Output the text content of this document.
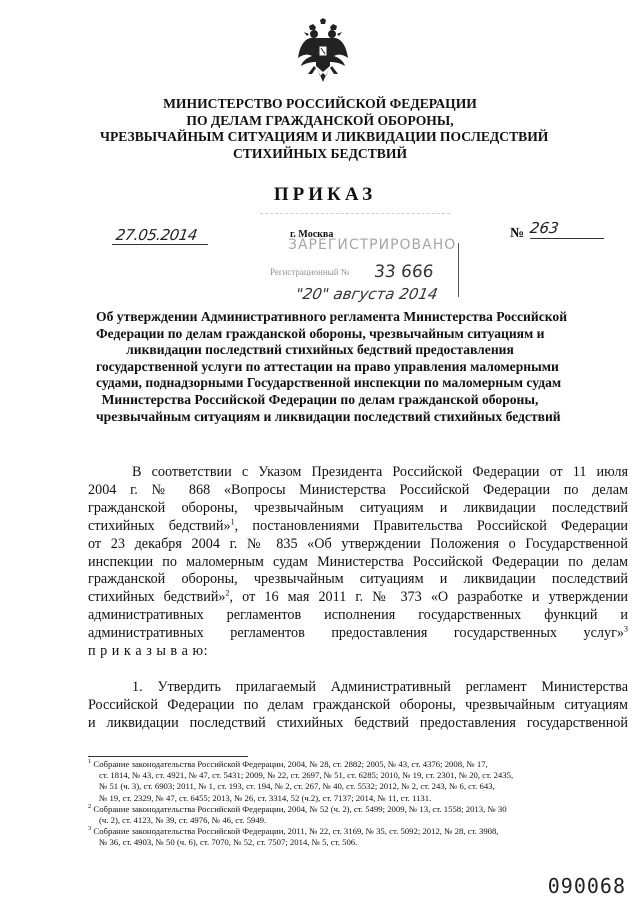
МИНИСТЕРСТВО РОССИЙСКОЙ ФЕДЕРАЦИИ
ПО ДЕЛАМ ГРАЖДАНСКОЙ ОБОРОНЫ,
ЧРЕЗВЫЧАЙНЫМ СИТУАЦИЯМ И ЛИКВИДАЦИИ ПОСЛЕДСТВИЙ
СТИХИЙНЫХ БЕДСТВИЙ
ПРИКАЗ
г. Москва
27.05.2014	№ 263
ЗАРЕГИСТРИРОВАНО
Регистрационный № 33 666
"20" августа 2014
Об утверждении Административного регламента Министерства Российской
Федерации по делам гражданской обороны, чрезвычайным ситуациям и
ликвидации последствий стихийных бедствий предоставления
государственной услуги по аттестации на право управления маломерными
судами, поднадзорными Государственной инспекции по маломерным судам
Министерства Российской Федерации по делам гражданской обороны,
чрезвычайным ситуациям и ликвидации последствий стихийных бедствий
В соответствии с Указом Президента Российской Федерации от 11 июля
2004 г. № 868 «Вопросы Министерства Российской Федерации по делам
гражданской обороны, чрезвычайным ситуациям и ликвидации последствий
стихийных бедствий»$^1$, постановлениями Правительства Российской Федерации
от 23 декабря 2004 г. № 835 «Об утверждении Положения о Государственной
инспекции по маломерным судам Министерства Российской Федерации по делам
гражданской обороны, чрезвычайным ситуациям и ликвидации последствий
стихийных бедствий»$^2$, от 16 мая 2011 г. № 373 «О разработке и утверждении
административных регламентов исполнения государственных функций и
административных регламентов предоставления государственных услуг»$^3$
п р и к а з ы в а ю:
1. Утвердить прилагаемый Административный регламент Министерства
Российской Федерации по делам гражданской обороны, чрезвычайным ситуациям
и ликвидации последствий стихийных бедствий предоставления государственной
$^1$ Собрание законодательства Российской Федерации, 2004, № 28, ст. 2882; 2005, № 43, ст. 4376; 2008, № 17,
ст. 1814, № 43, ст. 4921, № 47, ст. 5431; 2009, № 22, ст. 2697, № 51, ст. 6285; 2010, № 19, ст. 2301, № 20, ст. 2435,
№ 51 (ч. 3), ст. 6903; 2011, № 1, ст. 193, ст. 194, № 2, ст. 267, № 40, ст. 5532; 2012, № 2, ст. 243, № 6, ст. 643,
№ 19, ст. 2329, № 47, ст. 6455; 2013, № 26, ст. 3314, 52 (ч.2), ст. 7137; 2014, № 11, ст. 1131.
$^2$ Собрание законодательства Российской Федерации, 2004, № 52 (ч. 2), ст. 5499; 2009, № 13, ст. 1558; 2013, № 30
(ч. 2), ст. 4123, № 39, ст. 4976, № 46, ст. 5949.
$^3$ Собрание законодательства Российской Федерации, 2011, № 22, ст. 3169, № 35, ст. 5092; 2012, № 28, ст. 3908,
№ 36, ст. 4903, № 50 (ч. 6), ст. 7070, № 52, ст. 7507; 2014, № 5, ст. 506.
090068
